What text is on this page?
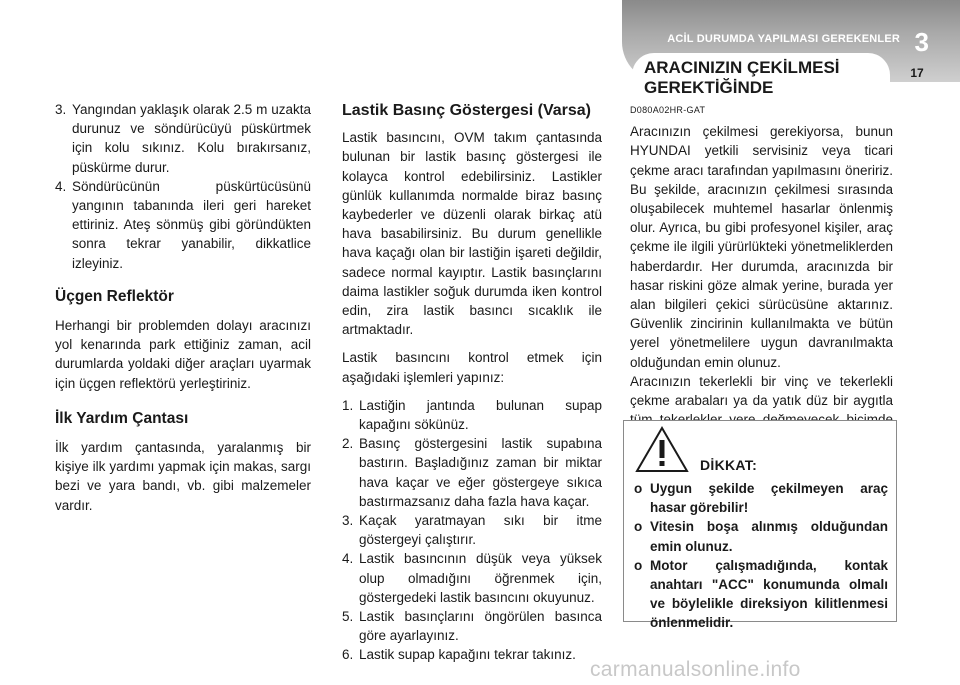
ACİL DURUMDA YAPILMASI GEREKENLER 3
ARACINIZIN ÇEKİLMESİ GEREKTİĞİNDE
17
3. Yangından yaklaşık olarak 2.5 m uzakta durunuz ve söndürücüyü püskürtmek için kolu sıkınız. Kolu bırakırsanız, püskürme durur.
4. Söndürücünün püskürtücüsünü yangının tabanında ileri geri hareket ettiriniz. Ateş sönmüş gibi göründükten sonra tekrar yanabilir, dikkatlice izleyiniz.
Üçgen Reflektör

Herhangi bir problemden dolayı aracınızı yol kenarında park ettiğiniz zaman, acil durumlarda yoldaki diğer araçları uyarmak için üçgen reflektörü yerleştiriniz.

İlk Yardım Çantası

İlk yardım çantasında, yaralanmış bir kişiye ilk yardımı yapmak için makas, sargı bezi ve yara bandı, vb. gibi malzemeler vardır.

Lastik Basınç Göstergesi (Varsa)

Lastik basıncını, OVM takım çantasında bulunan bir lastik basınç göstergesi ile kolayca kontrol edebilirsiniz. Lastikler günlük kullanımda normalde biraz basınç kaybederler ve düzenli olarak birkaç atü hava basabilirsiniz. Bu durum genellikle hava kaçağı olan bir lastiğin işareti değildir, sadece normal kayıptır. Lastik basınçlarını daima lastikler soğuk durumda iken kontrol edin, zira lastik basıncı sıcaklık ile artmaktadır.

Lastik basıncını kontrol etmek için aşağıdaki işlemleri yapınız:

1. Lastiğin jantında bulunan supap kapağını sökünüz.
2. Basınç göstergesini lastik supabına bastırın. Başladığınız zaman bir miktar hava kaçar ve eğer göstergeye sıkıca bastırmazsanız daha fazla hava kaçar.
3. Kaçak yaratmayan sıkı bir itme göstergeyi çalıştırır.
4. Lastik basıncının düşük veya yüksek olup olmadığını öğrenmek için, göstergedeki lastik basıncını okuyunuz.
5. Lastik basınçlarını öngörülen basınca göre ayarlayınız.
6. Lastik supap kapağını tekrar takınız.
D080A02HR-GAT

Aracınızın çekilmesi gerekiyorsa, bunun HYUNDAI yetkili servisiniz veya ticari çekme aracı tarafından yapılmasını öneririz. Bu şekilde, aracınızın çekilmesi sırasında oluşabilecek muhtemel hasarlar önlenmiş olur. Ayrıca, bu gibi profesyonel kişiler, araç çekme ile ilgili yürürlükteki yönetmeliklerden haberdardır. Her durumda, aracınızda bir hasar riskini göze almak yerine, burada yer alan bilgileri çekici sürücüsüne aktarınız. Güvenlik zincirinin kullanılmakta ve bütün yerel yönetmelilere uygun davranılmakta olduğundan emin olunuz.

Aracınızın tekerlekli bir vinç ve tekerlekli çekme arabaları ya da yatık düz bir aygıtla

DİKKAT:
o Uygun şekilde çekilmeyen araç hasar görebilir!
o Vitesin boşa alınmış olduğundan emin olunuz.
o Motor çalışmadığında, kontak anahtarı "ACC" konumunda olmalı ve böylelikle direksiyon kilitlenmesi önlenmelidir.
carmanualsonline.info
